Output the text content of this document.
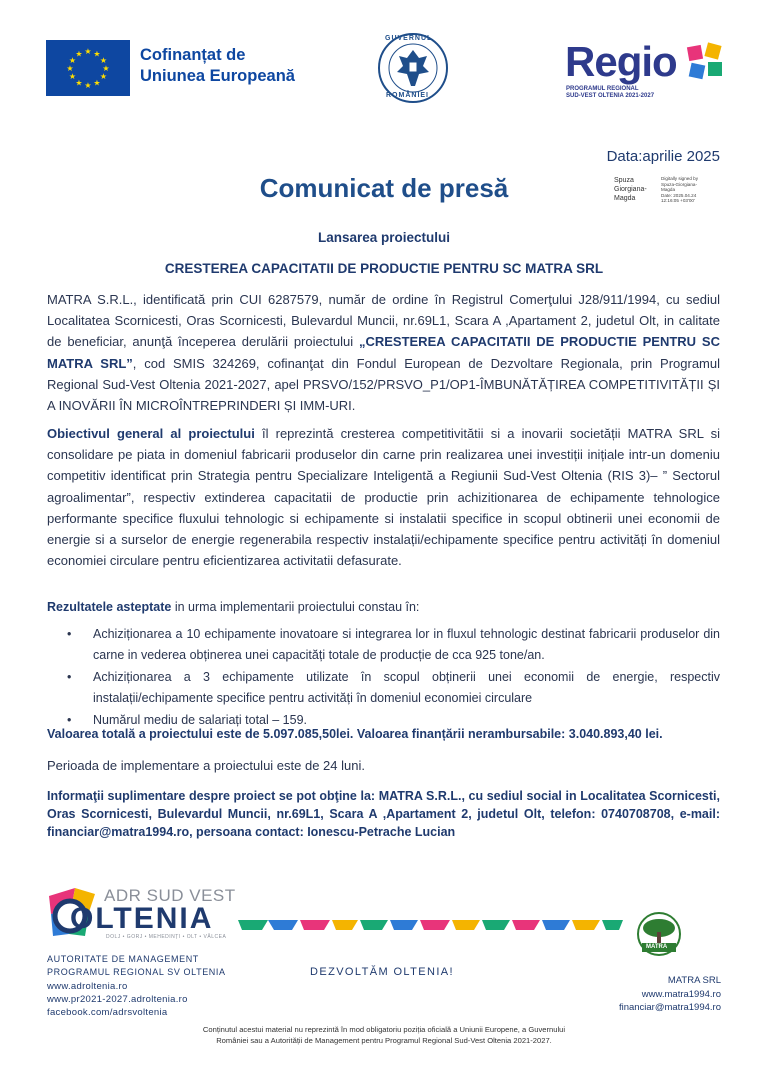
★ ★
★
★
★
★
★
★
★
★
★
★	Cofinanțat de
Uniunea Europeană
GUVERNUL
ROMÂNIEI
Regio
PROGRAMUL REGIONAL
SUD-VEST OLTENIA 2021-2027
Data:aprilie 2025
Comunicat de presă	Spuza
Giorgiana-
Magda
Digitally signed by
Spuza-Giorgiana-
Magda
Date: 2025.04.24
12:16:05 +03'00'
Lansarea proiectului
CRESTEREA CAPACITATII DE PRODUCTIE PENTRU SC MATRA SRL
MATRA S.R.L., identificată prin CUI 6287579, număr de ordine în Registrul Comerţului J28/911/1994, cu sediul Localitatea Scornicesti, Oras Scornicesti, Bulevardul Muncii, nr.69L1, Scara A ,Apartament 2, judetul Olt, in calitate de beneficiar, anunţă începerea derulării proiectului „CRESTEREA CAPACITATII DE PRODUCTIE PENTRU SC MATRA SRL”, cod SMIS 324269, cofinanţat din Fondul European de Dezvoltare Regionala, prin Programul Regional Sud-Vest Oltenia 2021-2027, apel PRSVO/152/PRSVO_P1/OP1-ÎMBUNĂTĂȚIREA COMPETITIVITĂȚII ȘI A INOVĂRII ÎN MICROÎNTREPRINDERI ȘI IMM-URI.
Obiectivul general al proiectului îl reprezintă cresterea competitivitătii si a inovarii societății MATRA SRL si consolidare pe piata in domeniul fabricarii produselor din carne prin realizarea unei investiții inițiale intr-un domeniu competitiv identificat prin Strategia pentru Specializare Inteligentă a Regiunii Sud-Vest Oltenia (RIS 3)– ” Sectorul agroalimentar”, respectiv extinderea capacitatii de productie prin achizitionarea de echipamente tehnologice performante specifice fluxului tehnologic si echipamente si instalatii specifice in scopul obtinerii unei economii de energie si a surselor de energie regenerabila respectiv instalații/echipamente specifice pentru activități în domeniul economiei circulare pentru eficientizarea activitatii defasurate.
Rezultatele asteptate in urma implementarii proiectului constau în:
• Achiziționarea a 10 echipamente inovatoare si integrarea lor in fluxul tehnologic destinat fabricarii produselor din carne in vederea obținerea unei capacități totale de producție de cca 925 tone/an.
• Achiziționarea a 3 echipamente utilizate în scopul obținerii unei economii de energie, respectiv instalații/echipamente specifice pentru activități în domeniul economiei circulare
• Numărul mediu de salariați total – 159.
Valoarea totală a proiectului este de 5.097.085,50lei. Valoarea finanțării nerambursabile: 3.040.893,40 lei.
Perioada de implementare a proiectului este de 24 luni.
Informaţii suplimentare despre proiect se pot obţine la: MATRA S.R.L., cu sediul social in Localitatea Scornicesti, Oras Scornicesti, Bulevardul Muncii, nr.69L1, Scara A ,Apartament 2, judetul Olt, telefon: 0740708708, e-mail: financiar@matra1994.ro, persoana contact: Ionescu-Petrache Lucian
ADR SUD VEST
OLTENIA
DOLJ • GORJ • MEHEDINȚI • OLT • VÂLCEA
AUTORITATE DE MANAGEMENT
PROGRAMUL REGIONAL SV OLTENIA
www.adroltenia.ro
www.pr2021-2027.adroltenia.ro
facebook.com/adrsvoltenia
DEZVOLTĂM OLTENIA!
MATRA
MATRA SRL
www.matra1994.ro
financiar@matra1994.ro
Conținutul acestui material nu reprezintă în mod obligatoriu poziția oficială a Uniunii Europene, a Guvernului
României sau a Autorității de Management pentru Programul Regional Sud-Vest Oltenia 2021-2027.
